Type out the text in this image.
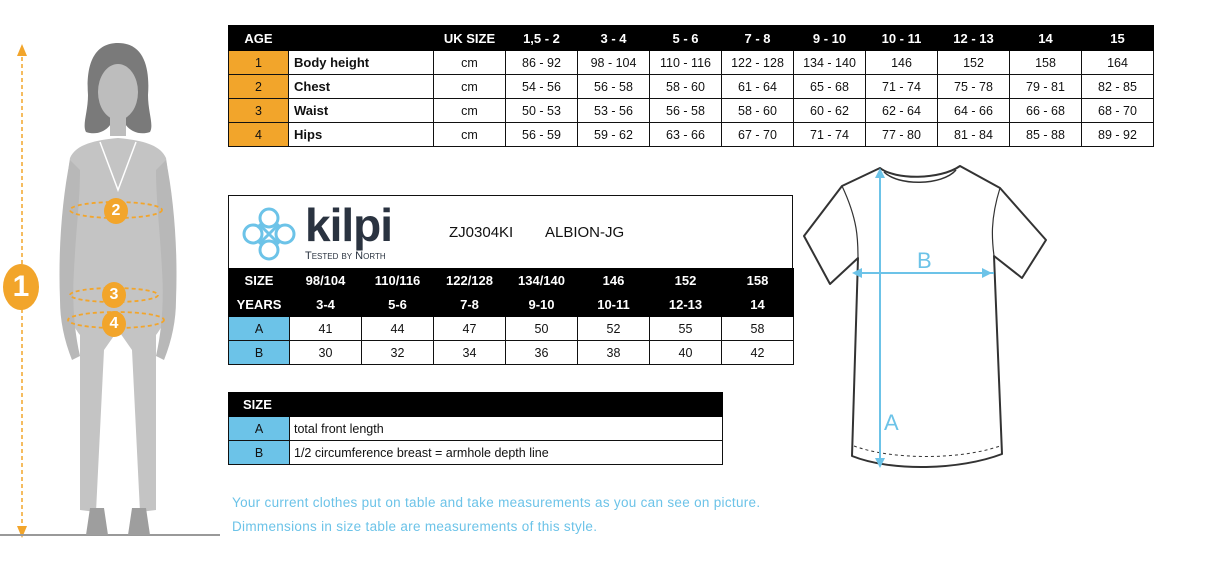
1
2
3
4
AGE		UK SIZE	1,5 - 2	3 - 4	5 - 6	7 - 8	9 - 10	10 - 11	12 - 13	14	15
1	Body height	cm	86 - 92	98 - 104	110 - 116	122 - 128	134 - 140	146	152	158	164
2	Chest	cm	54 - 56	56 - 58	58 - 60	61 - 64	65 - 68	71 - 74	75 - 78	79 - 81	82 - 85
3	Waist	cm	50 - 53	53 - 56	56 - 58	58 - 60	60 - 62	62 - 64	64 - 66	66 - 68	68 - 70
4	Hips	cm	56 - 59	59 - 62	63 - 66	67 - 70	71 - 74	77 - 80	81 - 84	85 - 88	89 - 92
kilpi
Tested by North
ZJ0304KI ALBION-JG
SIZE	98/104	110/116	122/128	134/140	146	152	158
YEARS	3-4	5-6	7-8	9-10	10-11	12-13	14
A	41	44	47	50	52	55	58
B	30	32	34	36	38	40	42
SIZE	
A	total front length
B	1/2 circumference breast = armhole depth line
Your current clothes put on table and take measurements as you can see on picture.
Dimmensions in size table are measurements of this style.
A
B
